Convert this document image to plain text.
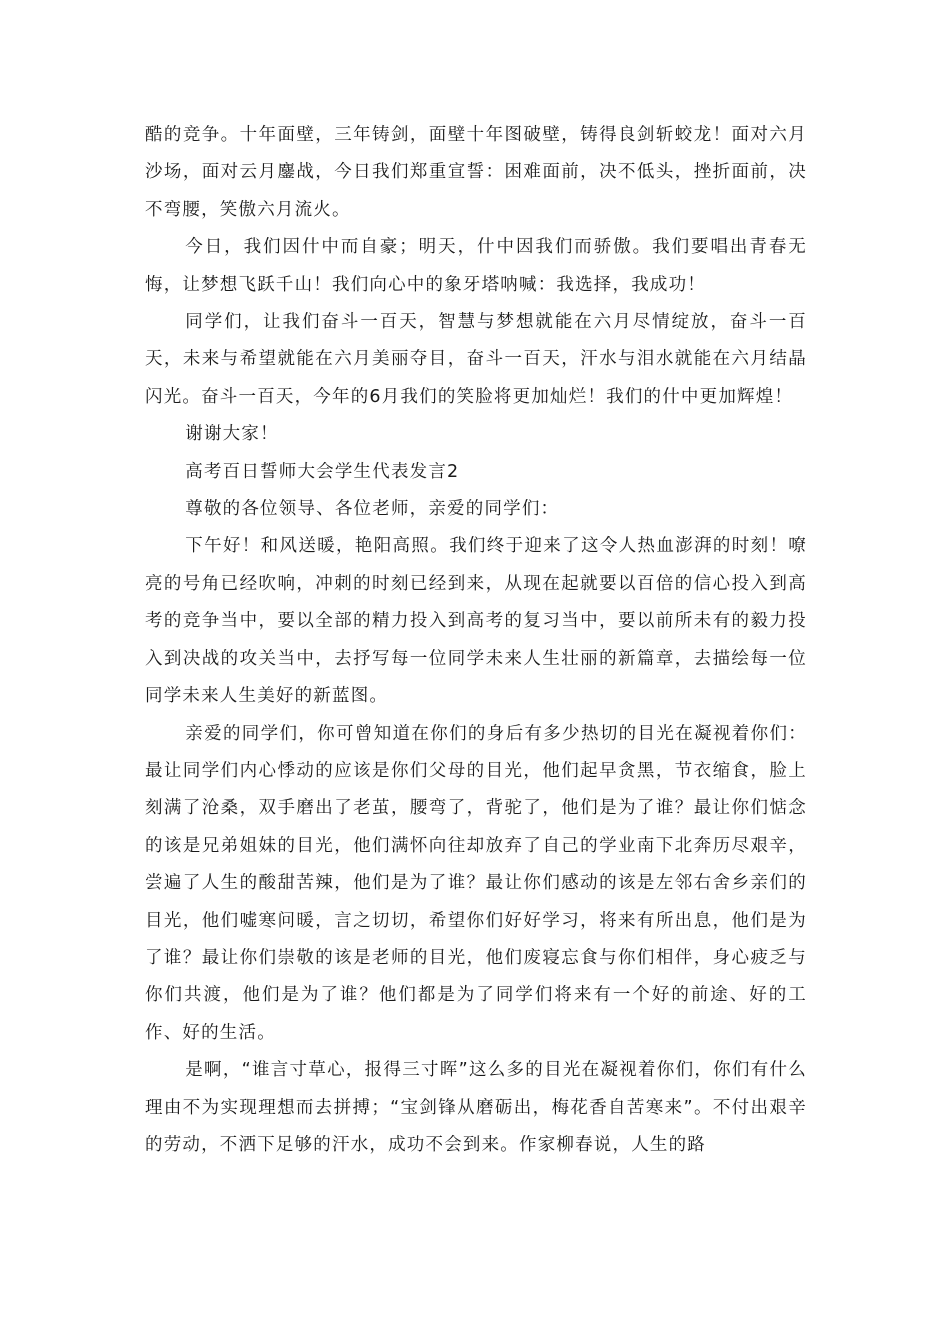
酷的竞争。十年面壁，三年铸剑，面壁十年图破壁，铸得良剑斩蛟龙！面对六月沙场，面对云月鏖战，今日我们郑重宣誓：困难面前，决不低头，挫折面前，决不弯腰，笑傲六月流火。

今日，我们因什中而自豪；明天，什中因我们而骄傲。我们要唱出青春无悔，让梦想飞跃千山！我们向心中的象牙塔呐喊：我选择，我成功！

同学们，让我们奋斗一百天，智慧与梦想就能在六月尽情绽放，奋斗一百天，未来与希望就能在六月美丽夺目，奋斗一百天，汗水与泪水就能在六月结晶闪光。奋斗一百天，今年的6月我们的笑脸将更加灿烂！我们的什中更加辉煌！

谢谢大家！

高考百日誓师大会学生代表发言2

尊敬的各位领导、各位老师，亲爱的同学们：

下午好！和风送暖，艳阳高照。我们终于迎来了这令人热血澎湃的时刻！嘹亮的号角已经吹响，冲刺的时刻已经到来，从现在起就要以百倍的信心投入到高考的竞争当中，要以全部的精力投入到高考的复习当中，要以前所未有的毅力投入到决战的攻关当中，去抒写每一位同学未来人生壮丽的新篇章，去描绘每一位同学未来人生美好的新蓝图。

亲爱的同学们，你可曾知道在你们的身后有多少热切的目光在凝视着你们：最让同学们内心悸动的应该是你们父母的目光，他们起早贪黑，节衣缩食，脸上刻满了沧桑，双手磨出了老茧，腰弯了，背驼了，他们是为了谁？最让你们惦念的该是兄弟姐妹的目光，他们满怀向往却放弃了自己的学业南下北奔历尽艰辛，尝遍了人生的酸甜苦辣，他们是为了谁？最让你们感动的该是左邻右舍乡亲们的目光，他们嘘寒问暖，言之切切，希望你们好好学习，将来有所出息，他们是为了谁？最让你们崇敬的该是老师的目光，他们废寝忘食与你们相伴，身心疲乏与你们共渡，他们是为了谁？他们都是为了同学们将来有一个好的前途、好的工作、好的生活。

是啊，“谁言寸草心，报得三寸晖”这么多的目光在凝视着你们，你们有什么理由不为实现理想而去拼搏；“宝剑锋从磨砺出，梅花香自苦寒来”。不付出艰辛的劳动，不洒下足够的汗水，成功不会到来。作家柳春说，人生的路
